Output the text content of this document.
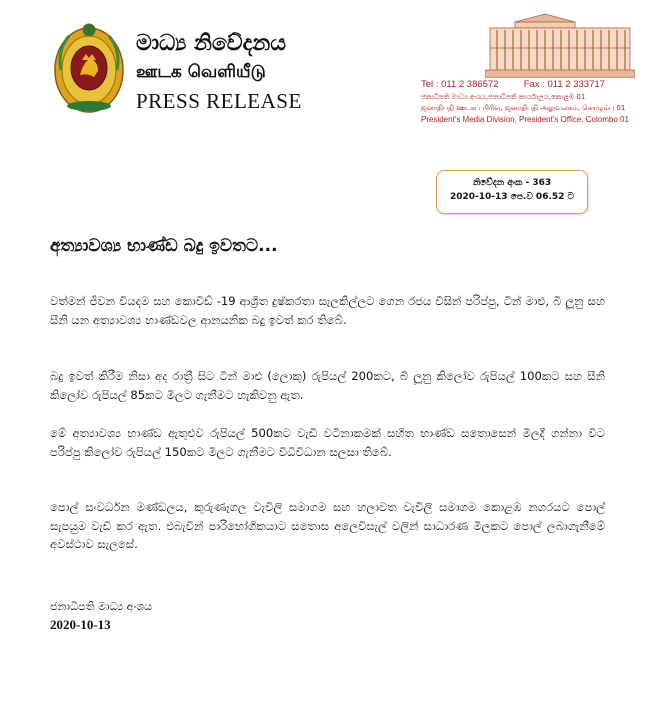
මාධ්‍ය නිවේදනය
ஊடக வெளியீடு
PRESS RELEASE
Tel : 011 2 386572	Fax : 011 2 333717
ජනාධිපති මාධ්‍ය අංශය,ජනාධිපති කාර්යාලය,කොළඹ 01
ஜனாதிபதி ஊடகப் பிரிவு, ஜனாதிபதி அலுவலகம், கொழும்பு 01
President's Media Division, President's Office, Colombo 01
නිවේදන අංක - 363
2020-10-13 පෙ.ව 06.52 ට
අත්‍යාවශ්‍ය භාණ්ඩ බදු ඉවතට...
වත්මන් ජීවන වියදම සහ කොවිඩ් -19 ආශ්‍රිත දුෂ්කරතා සැලකිල්ලට ගෙන රජය විසින් පරිප්පු, ටින් මාළු, බී ලූනු සහ සීනි යන අත්‍යාවශ්‍ය භාණ්ඩවල ආනයනික බදු ඉවත් කර තිබේ.
බදු ඉවත් කිරීම නිසා අද රාත්‍රී සිට ටින් මාළු (ලොකු) රුපියල් 200කට, බී ලූනු කිලෝව රුපියල් 100කට සහ සීනි කිලෝව රුපියල් 85කට මිලට ගැනීමට හැකිවනු ඇත.
මේ අත්‍යාවශ්‍ය භාණ්ඩ ඇතුළුව රුපියල් 500කට වැඩි වටිනාකමක් සහිත භාණ්ඩ සතොසෙන් මිලදී ගන්නා විට පරිප්පු කිලෝව රුපියල් 150කට මිලට ගැනීමට විධිවිධාන සලසා තිබේ.
පොල් සංවර්ධන මණ්ඩලය, කුරුණෑගල වැවිලි සමාගම සහ හලාවත වැවිලි සමාගම කොළඹ නගරයට පොල් සැපයුම වැඩි කර ඇත. එබැවින් පාරිභෝගිකයාට සතොස අලෙවිසැල් වලින් සාධාරණ මිලකට පොල් ලබාගැනීමේ අවස්ථාව සැලසේ.
ජනාධිපති මාධ්‍ය අංශය
2020-10-13
